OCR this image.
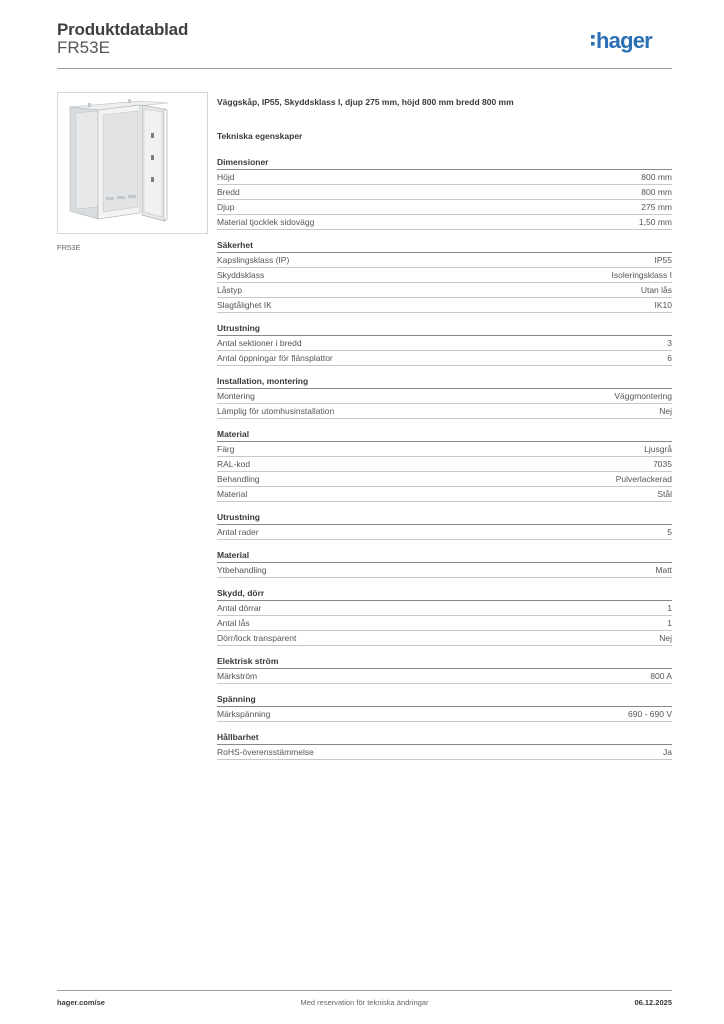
Produktdatablad
FR53E	hager
FR53E
Väggskåp, IP55, Skyddsklass I, djup 275 mm, höjd 800 mm bredd 800 mm
Tekniska egenskaper
Dimensioner
Höjd	800 mm
Bredd	800 mm
Djup	275 mm
Material tjocklek sidovägg	1,50 mm
Säkerhet
Kapslingsklass (IP)	IP55
Skyddsklass	Isoleringsklass I
Låstyp	Utan lås
Slagtålighet IK	IK10
Utrustning
Antal sektioner i bredd	3
Antal öppningar för flänsplattor	6
Installation, montering
Montering	Väggmontering
Lämplig för utomhusinstallation	Nej
Material
Färg	Ljusgrå
RAL-kod	7035
Behandling	Pulverlackerad
Material	Stål
Utrustning
Antal rader	5
Material
Ytbehandling	Matt
Skydd, dörr
Antal dörrar	1
Antal lås	1
Dörr/lock transparent	Nej
Elektrisk ström
Märkström	800 A
Spänning
Märkspänning	690 - 690 V
Hållbarhet
RoHS-överensstämmelse	Ja
hager.com/se	Med reservation för tekniska ändringar	06.12.2025
